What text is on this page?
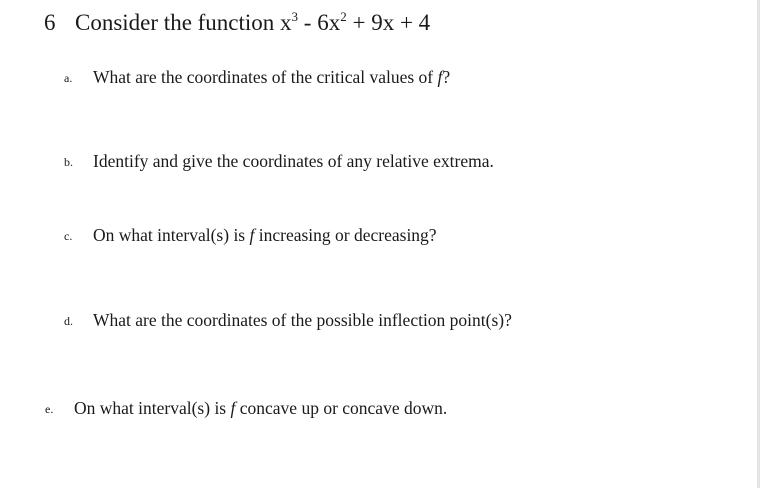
6 Consider the function $x^3 - 6x^2 + 9x + 4$
a. What are the coordinates of the critical values of f?
b. Identify and give the coordinates of any relative extrema.
c. On what interval(s) is f increasing or decreasing?
d. What are the coordinates of the possible inflection point(s)?
e. On what interval(s) is f concave up or concave down.
